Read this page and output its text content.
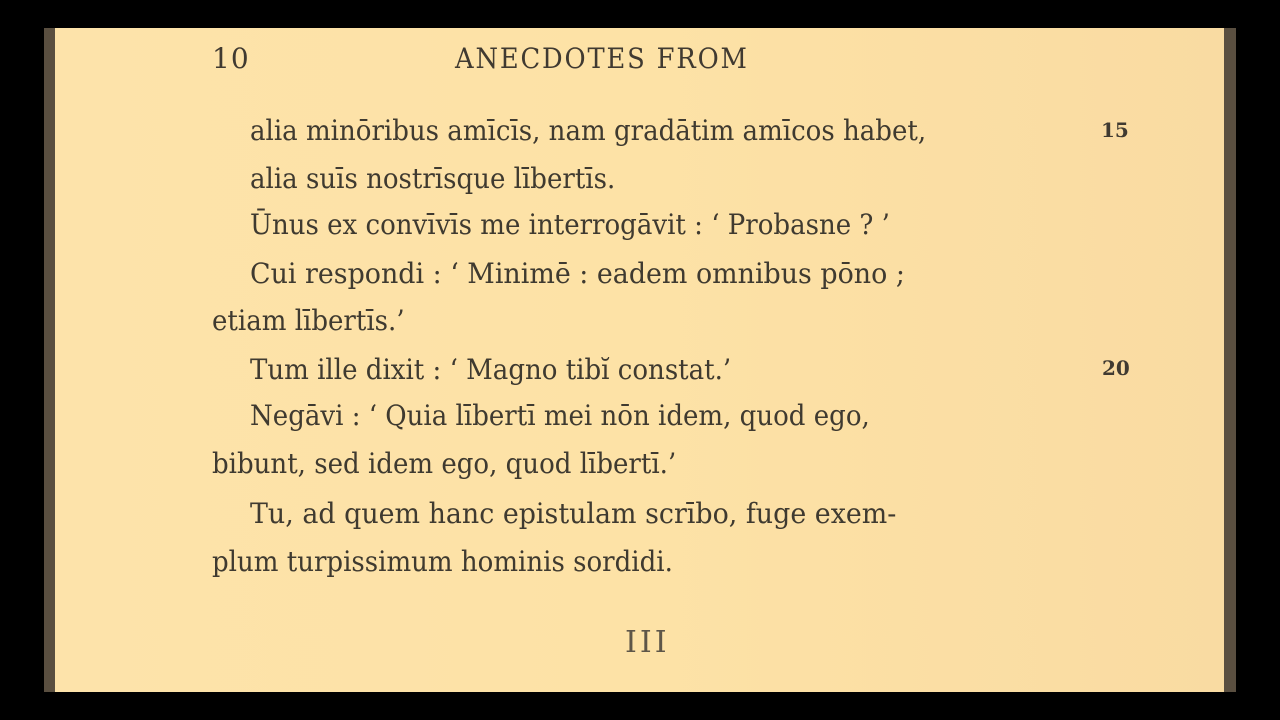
10	ANECDOTES FROM
alia minōribus amīcīs, nam gradātim amīcos habet,	15
alia suīs nostrīsque lībertīs.
Ūnus ex convīvīs me interrogāvit : ‘ Probasne ? ’
Cui respondi : ‘ Minimē : eadem omnibus pōno ;
etiam lībertīs.’
Tum ille dixit : ‘ Magno tibĭ constat.’	20
Negāvi : ‘ Quia lībertī mei nōn idem, quod ego,
bibunt, sed idem ego, quod lībertī.’
Tu, ad quem hanc epistulam scrībo, fuge exem-
plum turpissimum hominis sordidi.
III
